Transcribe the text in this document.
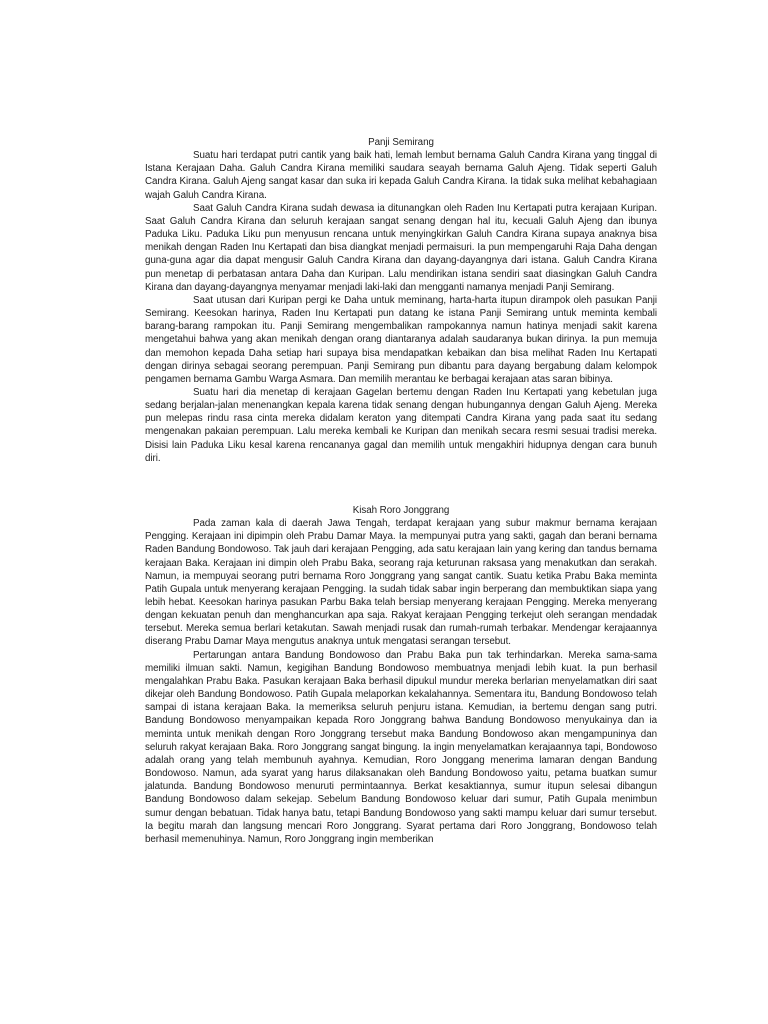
Panji Semirang

Suatu hari terdapat putri cantik yang baik hati, lemah lembut bernama Galuh Candra Kirana yang tinggal di Istana Kerajaan Daha. Galuh Candra Kirana memiliki saudara seayah bernama Galuh Ajeng. Tidak seperti Galuh Candra Kirana. Galuh Ajeng sangat kasar dan suka iri kepada Galuh Candra Kirana. Ia tidak suka melihat kebahagiaan wajah Galuh Candra Kirana.

Saat Galuh Candra Kirana sudah dewasa ia ditunangkan oleh Raden Inu Kertapati putra kerajaan Kuripan. Saat Galuh Candra Kirana dan seluruh kerajaan sangat senang dengan hal itu, kecuali Galuh Ajeng dan ibunya Paduka Liku. Paduka Liku pun menyusun rencana untuk menyingkirkan Galuh Candra Kirana supaya anaknya bisa menikah dengan Raden Inu Kertapati dan bisa diangkat menjadi permaisuri. Ia pun mempengaruhi Raja Daha dengan guna-guna agar dia dapat mengusir Galuh Candra Kirana dan dayang-dayangnya dari istana. Galuh Candra Kirana pun menetap di perbatasan antara Daha dan Kuripan. Lalu mendirikan istana sendiri saat diasingkan Galuh Candra Kirana dan dayang-dayangnya menyamar menjadi laki-laki dan mengganti namanya menjadi Panji Semirang.

Saat utusan dari Kuripan pergi ke Daha untuk meminang, harta-harta itupun dirampok oleh pasukan Panji Semirang. Keesokan harinya, Raden Inu Kertapati pun datang ke istana Panji Semirang untuk meminta kembali barang-barang rampokan itu. Panji Semirang mengembalikan rampokannya namun hatinya menjadi sakit karena mengetahui bahwa yang akan menikah dengan orang diantaranya adalah saudaranya bukan dirinya. Ia pun memuja dan memohon kepada Daha setiap hari supaya bisa mendapatkan kebaikan dan bisa melihat Raden Inu Kertapati dengan dirinya sebagai seorang perempuan. Panji Semirang pun dibantu para dayang bergabung dalam kelompok pengamen bernama Gambu Warga Asmara. Dan memilih merantau ke berbagai kerajaan atas saran bibinya.

Suatu hari dia menetap di kerajaan Gagelan bertemu dengan Raden Inu Kertapati yang kebetulan juga sedang berjalan-jalan menenangkan kepala karena tidak senang dengan hubungannya dengan Galuh Ajeng. Mereka pun melepas rindu rasa cinta mereka didalam keraton yang ditempati Candra Kirana yang pada saat itu sedang mengenakan pakaian perempuan. Lalu mereka kembali ke Kuripan dan menikah secara resmi sesuai tradisi mereka. Disisi lain Paduka Liku kesal karena rencananya gagal dan memilih untuk mengakhiri hidupnya dengan cara bunuh diri.

Kisah Roro Jonggrang

Pada zaman kala di daerah Jawa Tengah, terdapat kerajaan yang subur makmur bernama kerajaan Pengging. Kerajaan ini dipimpin oleh Prabu Damar Maya. Ia mempunyai putra yang sakti, gagah dan berani bernama Raden Bandung Bondowoso. Tak jauh dari kerajaan Pengging, ada satu kerajaan lain yang kering dan tandus bernama kerajaan Baka. Kerajaan ini dimpin oleh Prabu Baka, seorang raja keturunan raksasa yang menakutkan dan serakah. Namun, ia mempuyai seorang putri bernama Roro Jonggrang yang sangat cantik. Suatu ketika Prabu Baka meminta Patih Gupala untuk menyerang kerajaan Pengging. Ia sudah tidak sabar ingin berperang dan membuktikan siapa yang lebih hebat. Keesokan harinya pasukan Parbu Baka telah bersiap menyerang kerajaan Pengging. Mereka menyerang dengan kekuatan penuh dan menghancurkan apa saja. Rakyat kerajaan Pengging terkejut oleh serangan mendadak tersebut. Mereka semua berlari ketakutan. Sawah menjadi rusak dan rumah-rumah terbakar. Mendengar kerajaannya diserang Prabu Damar Maya mengutus anaknya untuk mengatasi serangan tersebut.

Pertarungan antara Bandung Bondowoso dan Prabu Baka pun tak terhindarkan. Mereka sama-sama memiliki ilmuan sakti. Namun, kegigihan Bandung Bondowoso membuatnya menjadi lebih kuat. Ia pun berhasil mengalahkan Prabu Baka. Pasukan kerajaan Baka berhasil dipukul mundur mereka berlarian menyelamatkan diri saat dikejar oleh Bandung Bondowoso. Patih Gupala melaporkan kekalahannya. Sementara itu, Bandung Bondowoso telah sampai di istana kerajaan Baka. Ia memeriksa seluruh penjuru istana. Kemudian, ia bertemu dengan sang putri. Bandung Bondowoso menyampaikan kepada Roro Jonggrang bahwa Bandung Bondowoso menyukainya dan ia meminta untuk menikah dengan Roro Jonggrang tersebut maka Bandung Bondowoso akan mengampuninya dan seluruh rakyat kerajaan Baka. Roro Jonggrang sangat bingung. Ia ingin menyelamatkan kerajaannya tapi, Bondowoso adalah orang yang telah membunuh ayahnya. Kemudian, Roro Jonggang menerima lamaran dengan Bandung Bondowoso. Namun, ada syarat yang harus dilaksanakan oleh Bandung Bondowoso yaitu, petama buatkan sumur jalatunda. Bandung Bondowoso menuruti permintaannya. Berkat kesaktiannya, sumur itupun selesai dibangun Bandung Bondowoso dalam sekejap. Sebelum Bandung Bondowoso keluar dari sumur, Patih Gupala menimbun sumur dengan bebatuan. Tidak hanya batu, tetapi Bandung Bondowoso yang sakti mampu keluar dari sumur tersebut. Ia begitu marah dan langsung mencari Roro Jonggrang. Syarat pertama dari Roro Jonggrang, Bondowoso telah berhasil memenuhinya. Namun, Roro Jonggrang ingin memberikan
